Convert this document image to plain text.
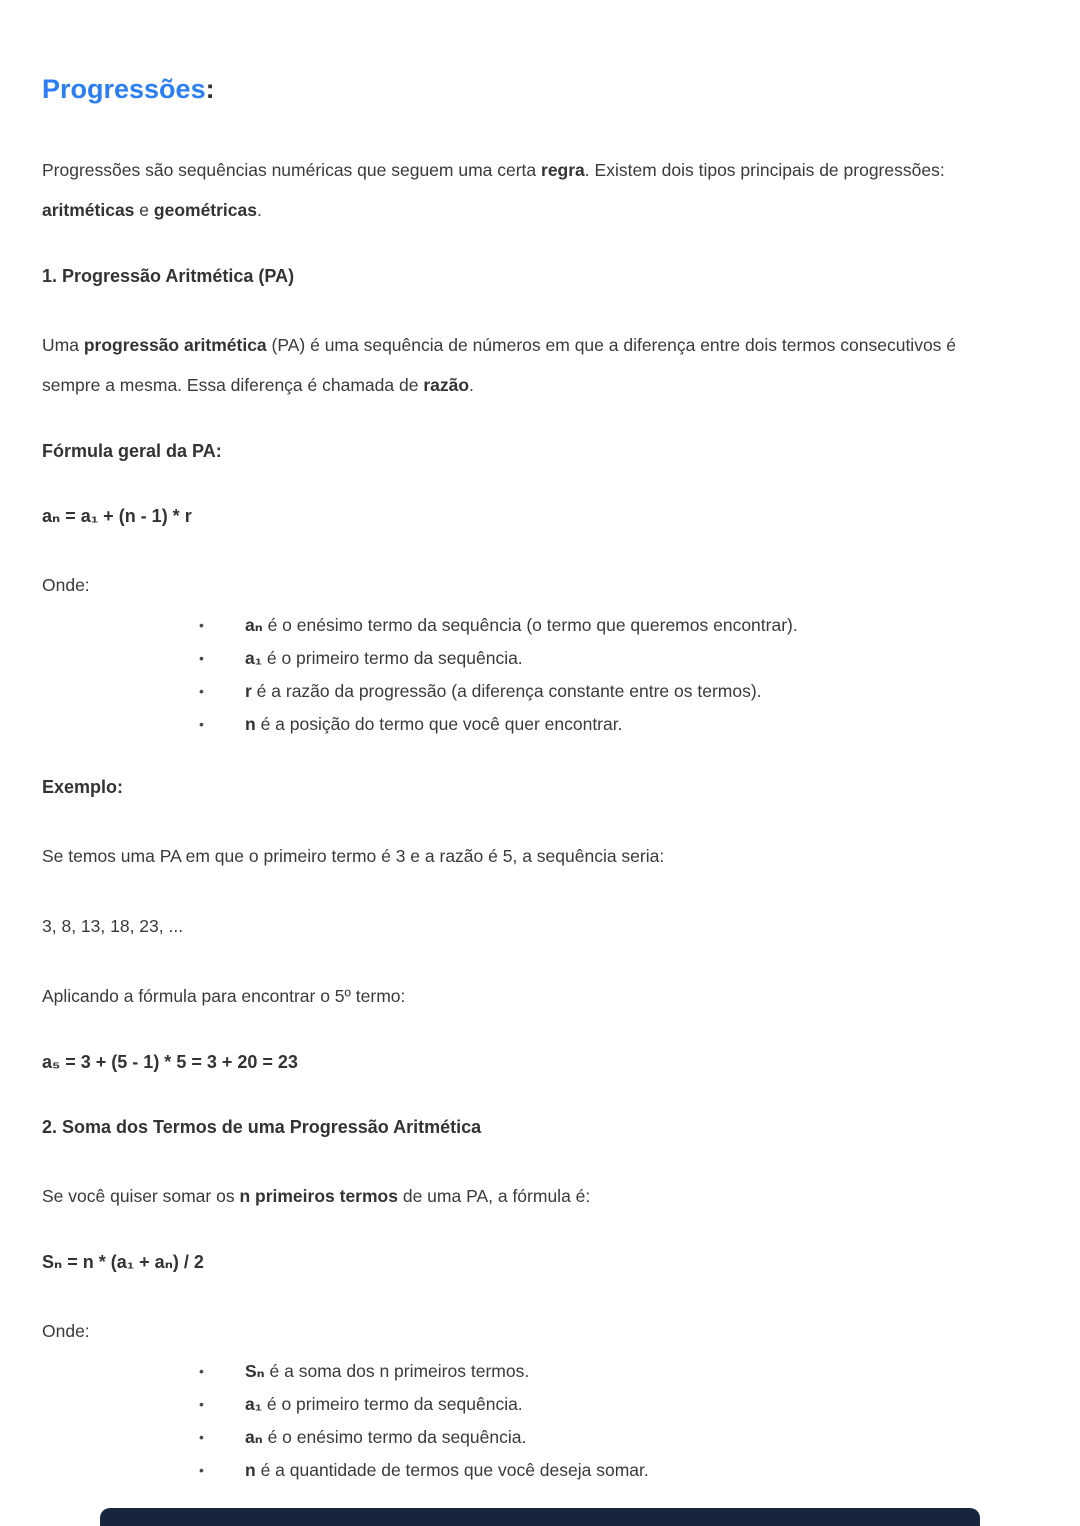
Progressões:
Progressões são sequências numéricas que seguem uma certa regra. Existem dois tipos principais de progressões: aritméticas e geométricas.
1. Progressão Aritmética (PA)
Uma progressão aritmética (PA) é uma sequência de números em que a diferença entre dois termos consecutivos é sempre a mesma. Essa diferença é chamada de razão.
Fórmula geral da PA:
aₙ = a₁ + (n - 1) * r
Onde:
• aₙ é o enésimo termo da sequência (o termo que queremos encontrar).
• a₁ é o primeiro termo da sequência.
• r é a razão da progressão (a diferença constante entre os termos).
• n é a posição do termo que você quer encontrar.
Exemplo:
Se temos uma PA em que o primeiro termo é 3 e a razão é 5, a sequência seria:
3, 8, 13, 18, 23, ...
Aplicando a fórmula para encontrar o 5º termo:
a₅ = 3 + (5 - 1) * 5 = 3 + 20 = 23
2. Soma dos Termos de uma Progressão Aritmética
Se você quiser somar os n primeiros termos de uma PA, a fórmula é:
Sₙ = n * (a₁ + aₙ) / 2
Onde:
• Sₙ é a soma dos n primeiros termos.
• a₁ é o primeiro termo da sequência.
• aₙ é o enésimo termo da sequência.
• n é a quantidade de termos que você deseja somar.
